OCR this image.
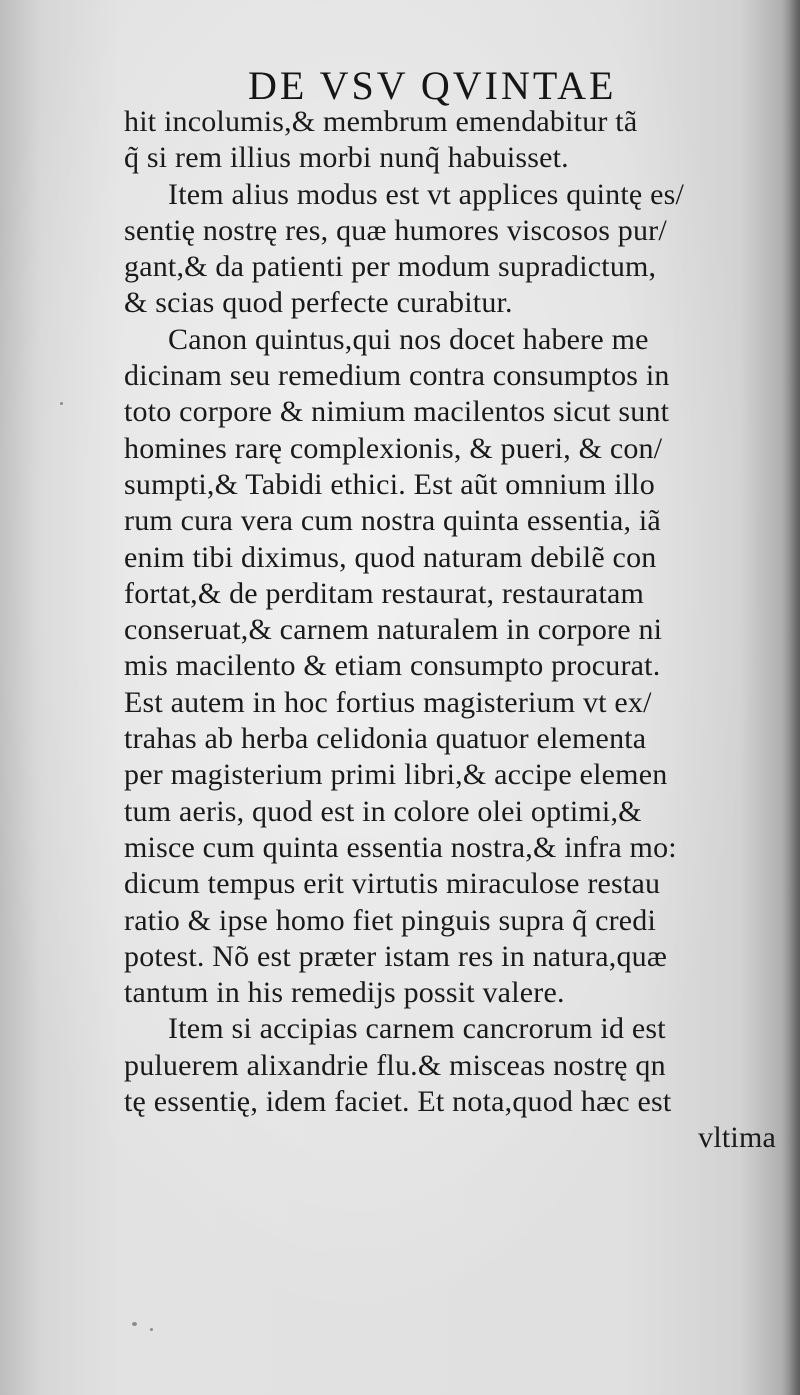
DE VSV QVINTAE
hit incolumis,& membrum emendabitur tã
q̃ si rem illius morbi nunq̃ habuisset.
Item alius modus est vt applices quintę es/
sentię nostrę res, quæ humores viscosos pur/
gant,& da patienti per modum supradictum,
& scias quod perfecte curabitur.
Canon quintus,qui nos docet habere me
dicinam seu remedium contra consumptos in
toto corpore & nimium macilentos sicut sunt
homines rarę complexionis, & pueri, & con/
sumpti,& Tabidi ethici. Est aũt omnium illo
rum cura vera cum nostra quinta essentia, iã
enim tibi diximus, quod naturam debilẽ con
fortat,& de perditam restaurat, restauratam
conseruat,& carnem naturalem in corpore ni
mis macilento & etiam consumpto procurat.
Est autem in hoc fortius magisterium vt ex/
trahas ab herba celidonia quatuor elementa
per magisterium primi libri,& accipe elemen
tum aeris, quod est in colore olei optimi,&
misce cum quinta essentia nostra,& infra mo:
dicum tempus erit virtutis miraculose restau
ratio & ipse homo fiet pinguis supra q̃ credi
potest. Nõ est præter istam res in natura,quæ
tantum in his remedijs possit valere.
Item si accipias carnem cancrorum id est
puluerem alixandrie flu.& misceas nostrę qn
tę essentię, idem faciet. Et nota,quod hæc est
vltima
